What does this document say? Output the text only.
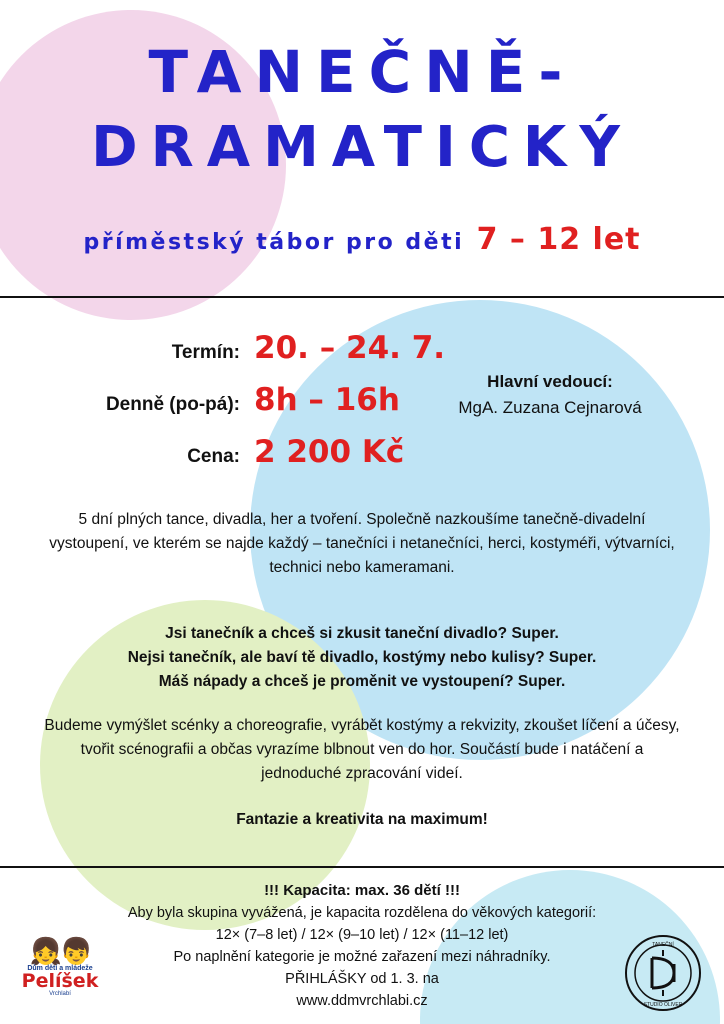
TANEČNĚ-
DRAMATICKÝ
příměstský tábor pro děti 7 – 12 let
Termín: 20. – 24. 7.
Denně (po-pá): 8h – 16h
Cena: 2 200 Kč
Hlavní vedoucí:
MgA. Zuzana Cejnarová
5 dní plných tance, divadla, her a tvoření. Společně nazkoušíme tanečně-divadelní vystoupení, ve kterém se najde každý – tanečníci i netanečníci, herci, kostyméři, výtvarníci, technici nebo kameramani.
Jsi tanečník a chceš si zkusit taneční divadlo? Super.
Nejsi tanečník, ale baví tě divadlo, kostýmy nebo kulisy? Super.
Máš nápady a chceš je proměnit ve vystoupení? Super.
Budeme vymýšlet scénky a choreografie, vyrábět kostýmy a rekvizity, zkoušet líčení a účesy, tvořit scénografii a občas vyrazíme blbnout ven do hor. Součástí bude i natáčení a jednoduché zpracování videí.
Fantazie a kreativita na maximum!
!!! Kapacita: max. 36 dětí !!!
Aby byla skupina vyvážená, je kapacita rozdělena do věkových kategorií:
12× (7–8 let) / 12× (9–10 let) / 12× (11–12 let)
Po naplnění kategorie je možné zařazení mezi náhradníky.
PŘIHLÁŠKY od 1. 3. na
www.ddmvrchlabi.cz
👧👦
Dům dětí a mládeže
Pelíšek
Vrchlabí
TANEČNÍ
STUDIO OLIVER
